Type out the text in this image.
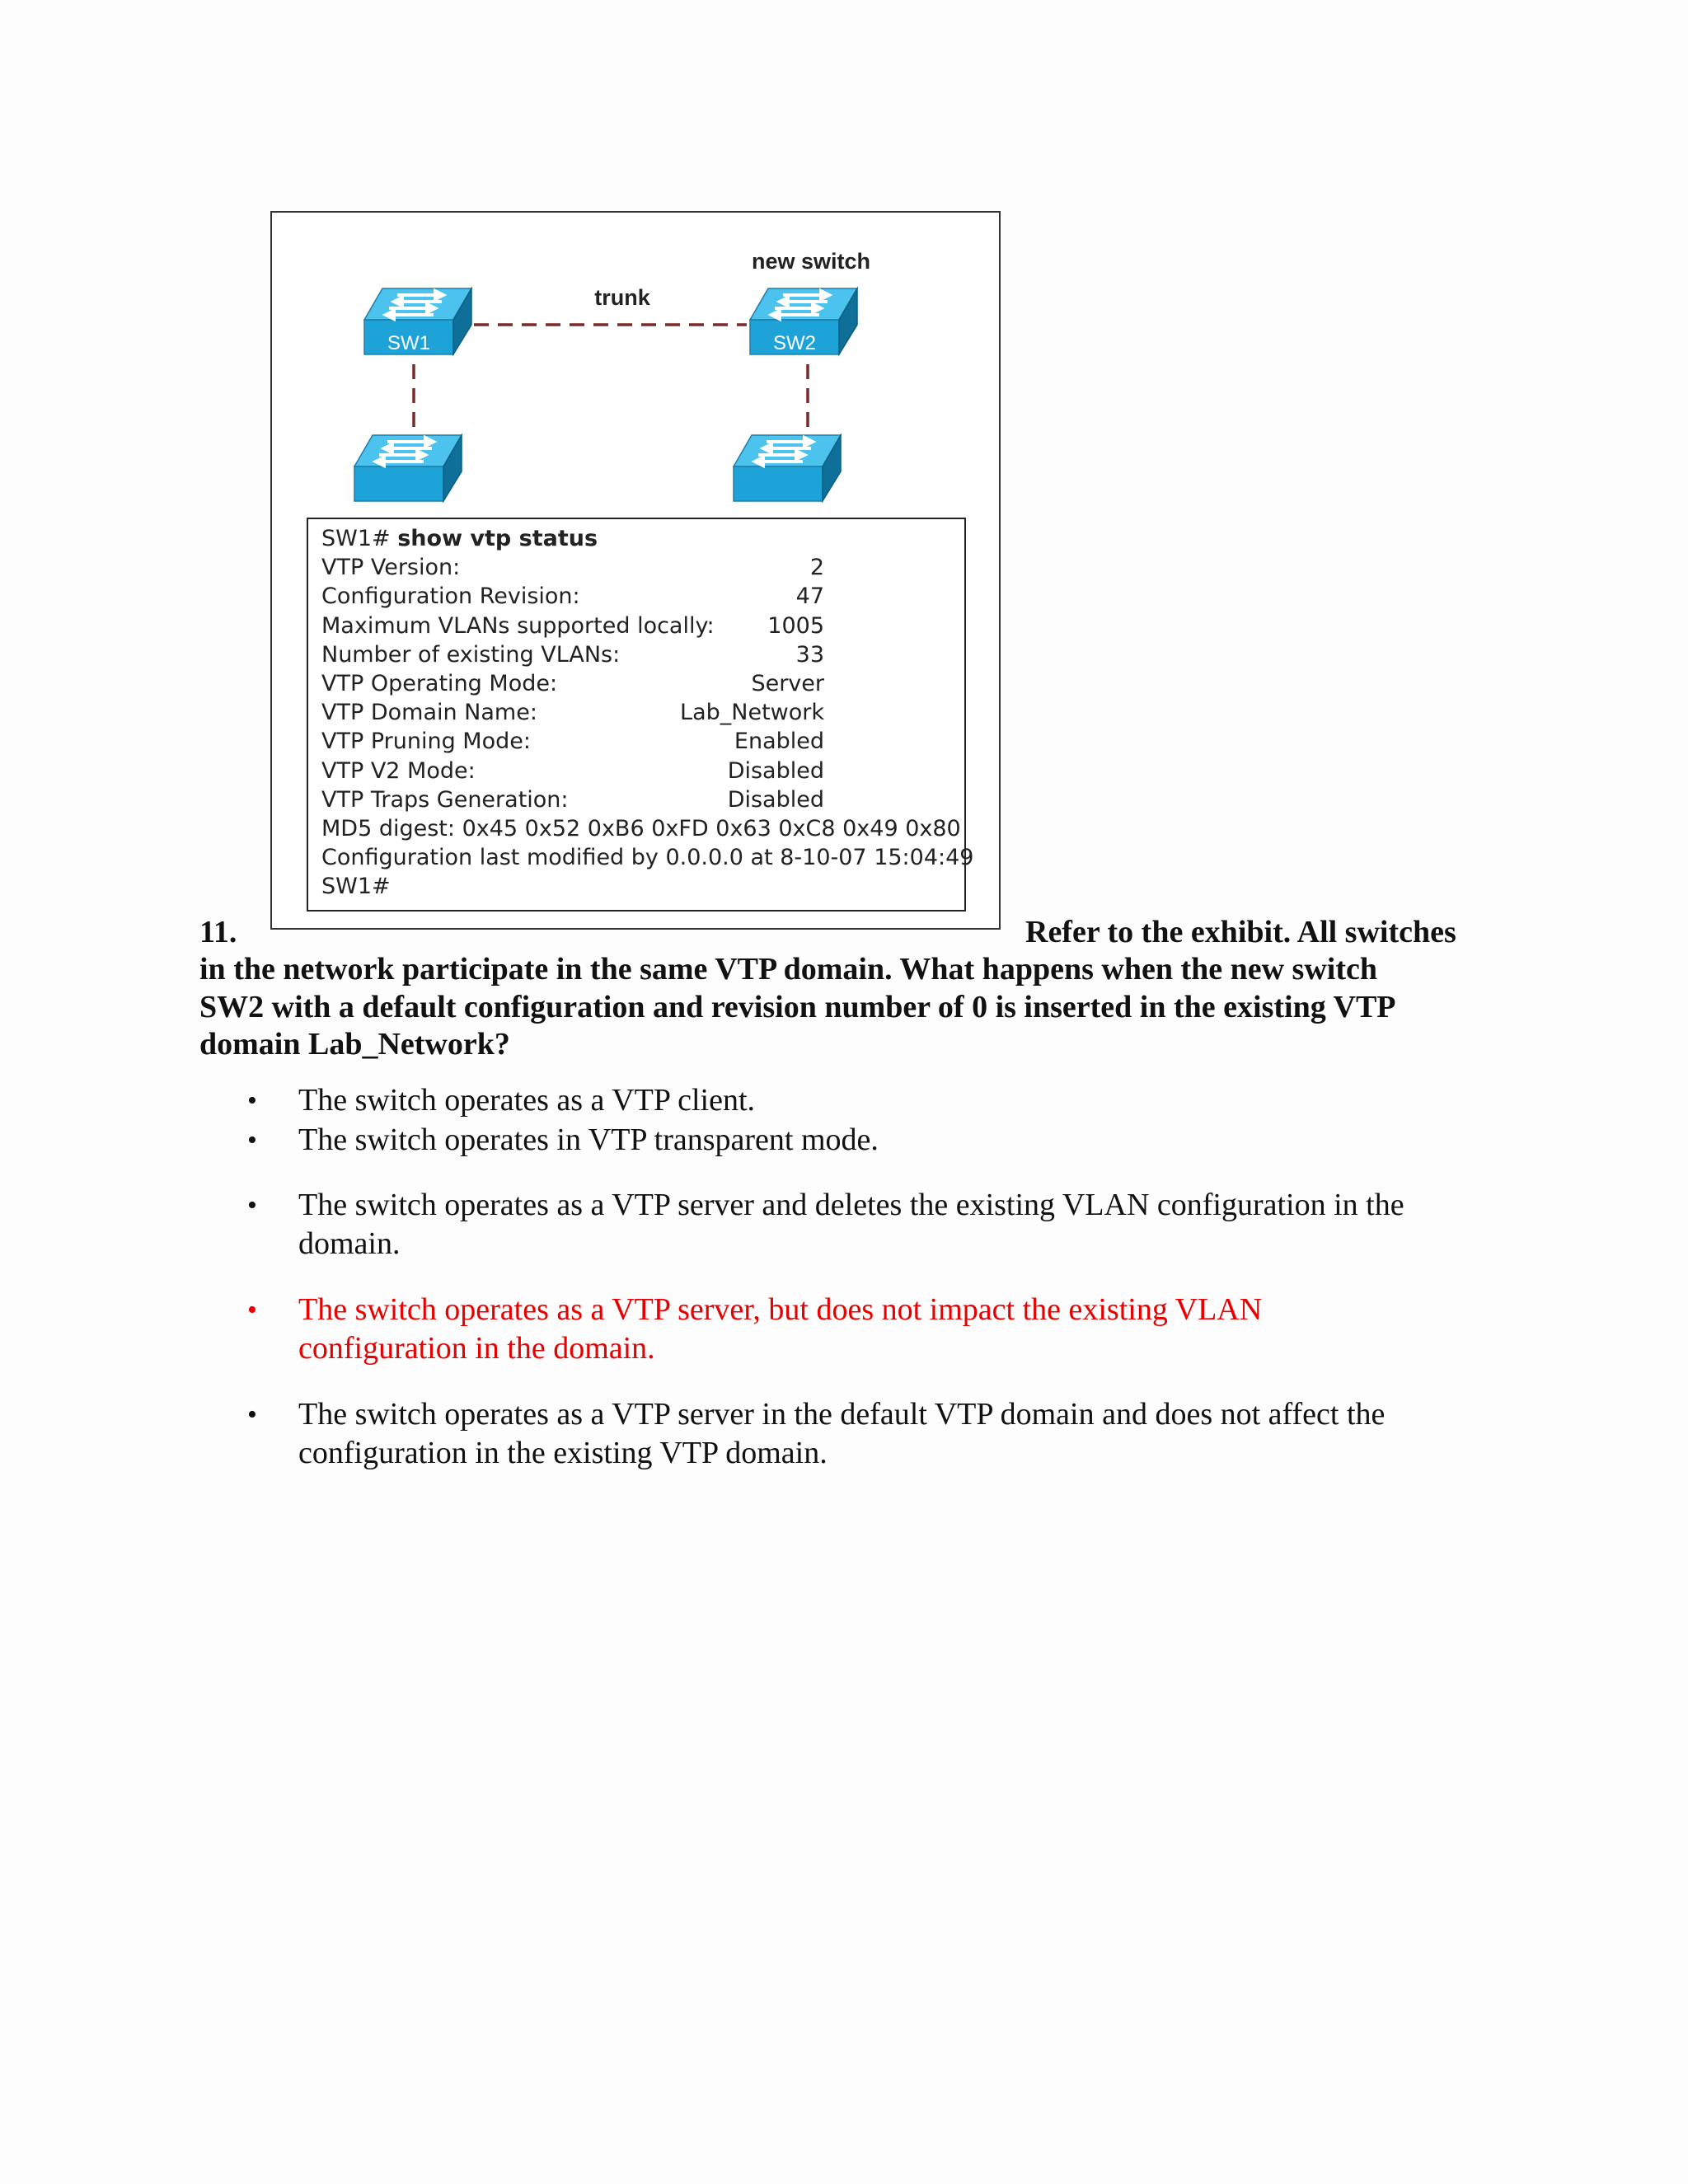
SW1	SW2
trunk
new switch
SW1# show vtp status
VTP Version:	2
Configuration Revision:	47
Maximum VLANs supported locally: 1005
Number of existing VLANs:	33
VTP Operating Mode:	Server
VTP Domain Name:	Lab_Network
VTP Pruning Mode:	Enabled
VTP V2 Mode:	Disabled
VTP Traps Generation:	Disabled
MD5 digest: 0x45 0x52 0xB6 0xFD 0x63 0xC8 0x49 0x80
Configuration last modified by 0.0.0.0 at 8-10-07 15:04:49
SW1#
11.	Refer to the exhibit. All switches
in the network participate in the same VTP domain. What happens when the new switch
SW2 with a default configuration and revision number of 0 is inserted in the existing VTP
domain Lab_Network?
• The switch operates as a VTP client.
• The switch operates in VTP transparent mode.
• The switch operates as a VTP server and deletes the existing VLAN configuration in the
domain.
• The switch operates as a VTP server, but does not impact the existing VLAN
configuration in the domain.
• The switch operates as a VTP server in the default VTP domain and does not affect the
configuration in the existing VTP domain.
